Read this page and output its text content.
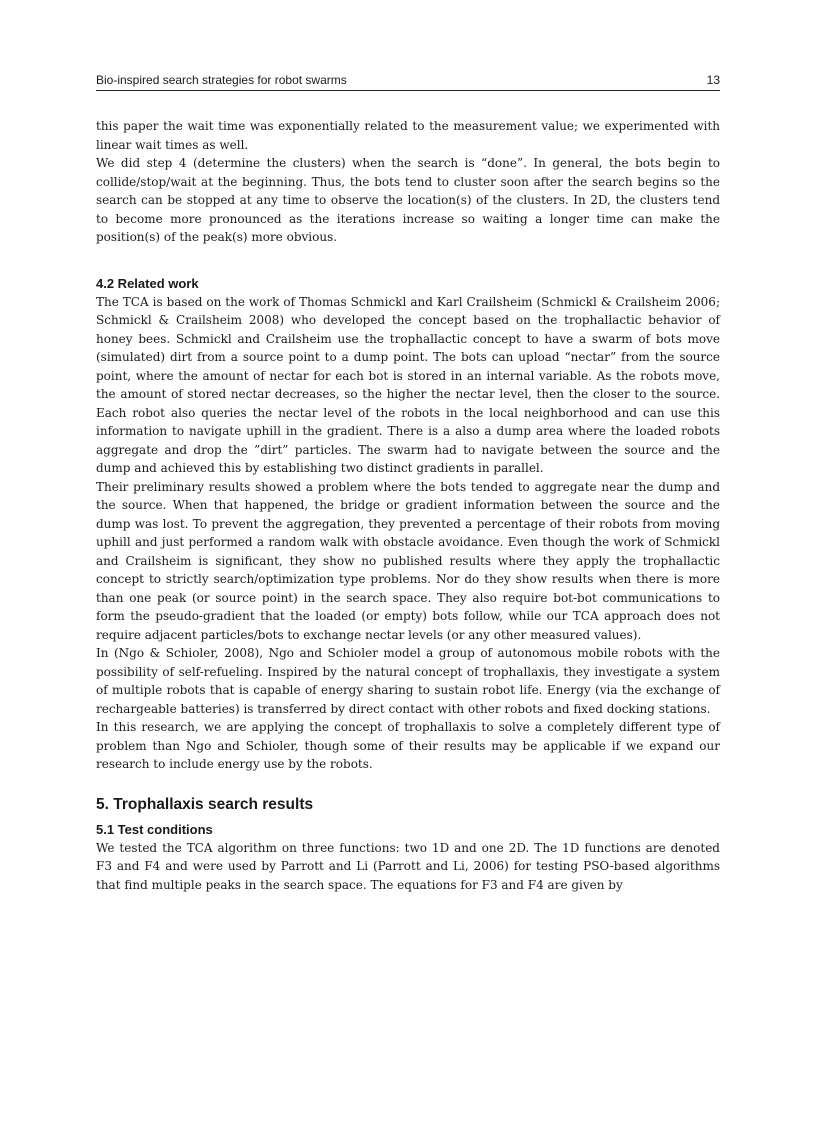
Bio-inspired search strategies for robot swarms	13

this paper the wait time was exponentially related to the measurement value; we experimented with linear wait times as well.

We did step 4 (determine the clusters) when the search is “done”. In general, the bots begin to collide/stop/wait at the beginning. Thus, the bots tend to cluster soon after the search begins so the search can be stopped at any time to observe the location(s) of the clusters. In 2D, the clusters tend to become more pronounced as the iterations increase so waiting a longer time can make the position(s) of the peak(s) more obvious.

4.2 Related work

The TCA is based on the work of Thomas Schmickl and Karl Crailsheim (Schmickl & Crailsheim 2006; Schmickl & Crailsheim 2008) who developed the concept based on the trophallactic behavior of honey bees. Schmickl and Crailsheim use the trophallactic concept to have a swarm of bots move (simulated) dirt from a source point to a dump point. The bots can upload “nectar” from the source point, where the amount of nectar for each bot is stored in an internal variable. As the robots move, the amount of stored nectar decreases, so the higher the nectar level, then the closer to the source. Each robot also queries the nectar level of the robots in the local neighborhood and can use this information to navigate uphill in the gradient. There is a also a dump area where the loaded robots aggregate and drop the ”dirt” particles. The swarm had to navigate between the source and the dump and achieved this by establishing two distinct gradients in parallel.

Their preliminary results showed a problem where the bots tended to aggregate near the dump and the source. When that happened, the bridge or gradient information between the source and the dump was lost. To prevent the aggregation, they prevented a percentage of their robots from moving uphill and just performed a random walk with obstacle avoidance. Even though the work of Schmickl and Crailsheim is significant, they show no published results where they apply the trophallactic concept to strictly search/optimization type problems. Nor do they show results when there is more than one peak (or source point) in the search space. They also require bot-bot communications to form the pseudo-gradient that the loaded (or empty) bots follow, while our TCA approach does not require adjacent particles/bots to exchange nectar levels (or any other measured values).

In (Ngo & Schioler, 2008), Ngo and Schioler model a group of autonomous mobile robots with the possibility of self-refueling. Inspired by the natural concept of trophallaxis, they investigate a system of multiple robots that is capable of energy sharing to sustain robot life. Energy (via the exchange of rechargeable batteries) is transferred by direct contact with other robots and fixed docking stations.

In this research, we are applying the concept of trophallaxis to solve a completely different type of problem than Ngo and Schioler, though some of their results may be applicable if we expand our research to include energy use by the robots.

5. Trophallaxis search results
5.1 Test conditions

We tested the TCA algorithm on three functions: two 1D and one 2D. The 1D functions are denoted F3 and F4 and were used by Parrott and Li (Parrott and Li, 2006) for testing PSO-based algorithms that find multiple peaks in the search space. The equations for F3 and F4 are given by
